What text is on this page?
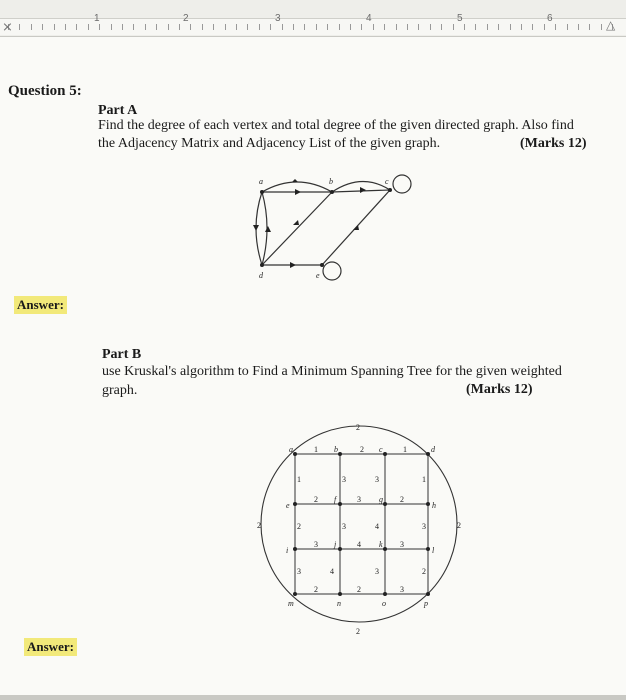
1	2	3	4	5	6
⨯	△
Question 5:
Part A
Find the degree of each vertex and total degree of the given directed graph. Also find
the Adjacency Matrix and Adjacency List of the given graph.	(Marks 12)
a	b	c
d	e
Answer:
Part B
use Kruskal's algorithm to Find a Minimum Spanning Tree for the given weighted
graph.	(Marks 12)
a	b	c	d
e
f	g
h
i
j	k
l
m	n	o	p
2
2
2	2
1	2	1
1	3	3	1
2	3	2
2	3	4	3
3	4	3
3	4	3	2
2	2	3
Answer:
